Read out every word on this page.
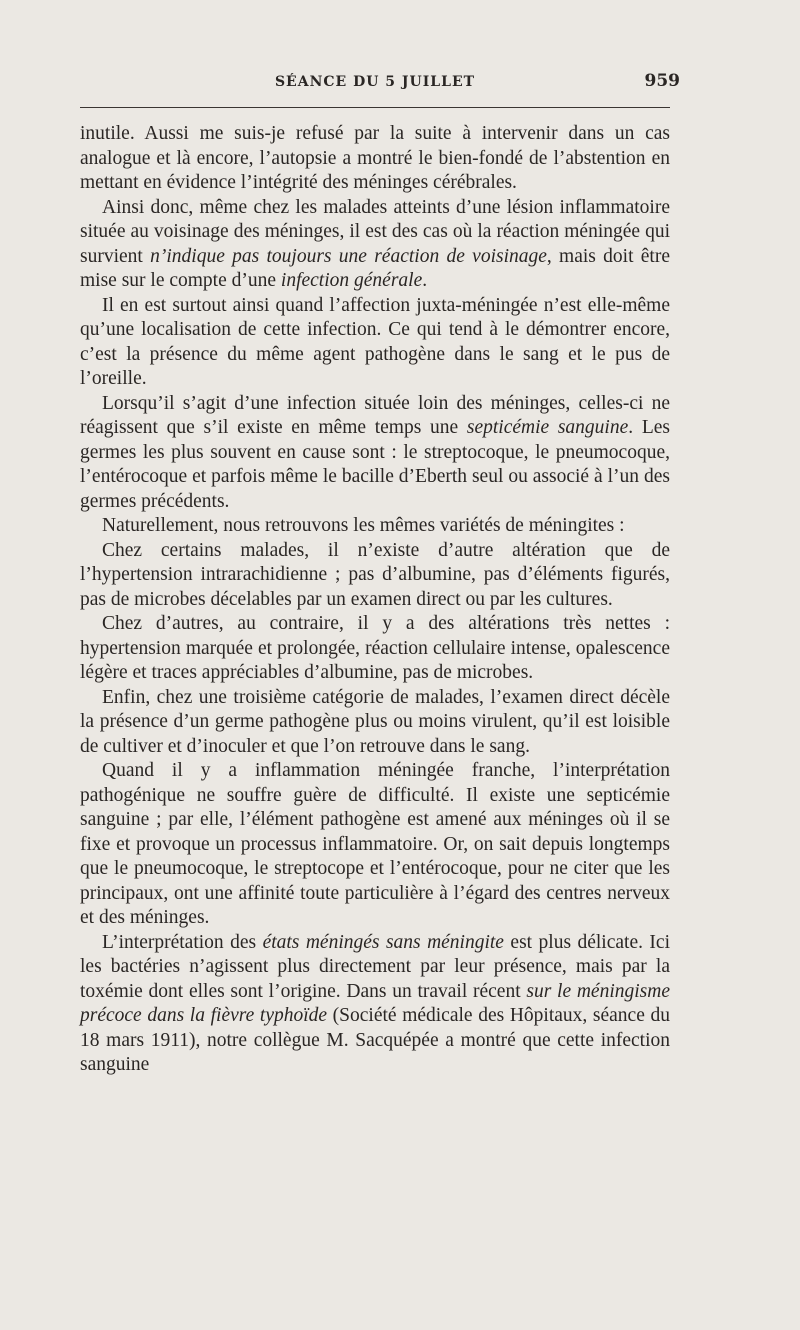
SÉANCE DU 5 JUILLET	959

inutile. Aussi me suis-je refusé par la suite à intervenir dans un cas analogue et là encore, l’autopsie a montré le bien-fondé de l’abstention en mettant en évidence l’intégrité des méninges cérébrales.

Ainsi donc, même chez les malades atteints d’une lésion inflammatoire située au voisinage des méninges, il est des cas où la réaction méningée qui survient n’indique pas toujours une réaction de voisinage, mais doit être mise sur le compte d’une infection générale.

Il en est surtout ainsi quand l’affection juxta-méningée n’est elle-même qu’une localisation de cette infection. Ce qui tend à le démontrer encore, c’est la présence du même agent pathogène dans le sang et le pus de l’oreille.

Lorsqu’il s’agit d’une infection située loin des méninges, celles-ci ne réagissent que s’il existe en même temps une septicémie sanguine. Les germes les plus souvent en cause sont : le streptocoque, le pneumocoque, l’entérocoque et parfois même le bacille d’Eberth seul ou associé à l’un des germes précédents.

Naturellement, nous retrouvons les mêmes variétés de méningites :

Chez certains malades, il n’existe d’autre altération que de l’hypertension intrarachidienne ; pas d’albumine, pas d’éléments figurés, pas de microbes décelables par un examen direct ou par les cultures.

Chez d’autres, au contraire, il y a des altérations très nettes : hypertension marquée et prolongée, réaction cellulaire intense, opalescence légère et traces appréciables d’albumine, pas de microbes.

Enfin, chez une troisième catégorie de malades, l’examen direct décèle la présence d’un germe pathogène plus ou moins virulent, qu’il est loisible de cultiver et d’inoculer et que l’on retrouve dans le sang.

Quand il y a inflammation méningée franche, l’interprétation pathogénique ne souffre guère de difficulté. Il existe une septicémie sanguine ; par elle, l’élément pathogène est amené aux méninges où il se fixe et provoque un processus inflammatoire. Or, on sait depuis longtemps que le pneumocoque, le streptocope et l’entérocoque, pour ne citer que les principaux, ont une affinité toute particulière à l’égard des centres nerveux et des méninges.

L’interprétation des états méningés sans méningite est plus délicate. Ici les bactéries n’agissent plus directement par leur présence, mais par la toxémie dont elles sont l’origine. Dans un travail récent sur le méningisme précoce dans la fièvre typhoïde (Société médicale des Hôpitaux, séance du 18 mars 1911), notre collègue M. Sacquépée a montré que cette infection sanguine
